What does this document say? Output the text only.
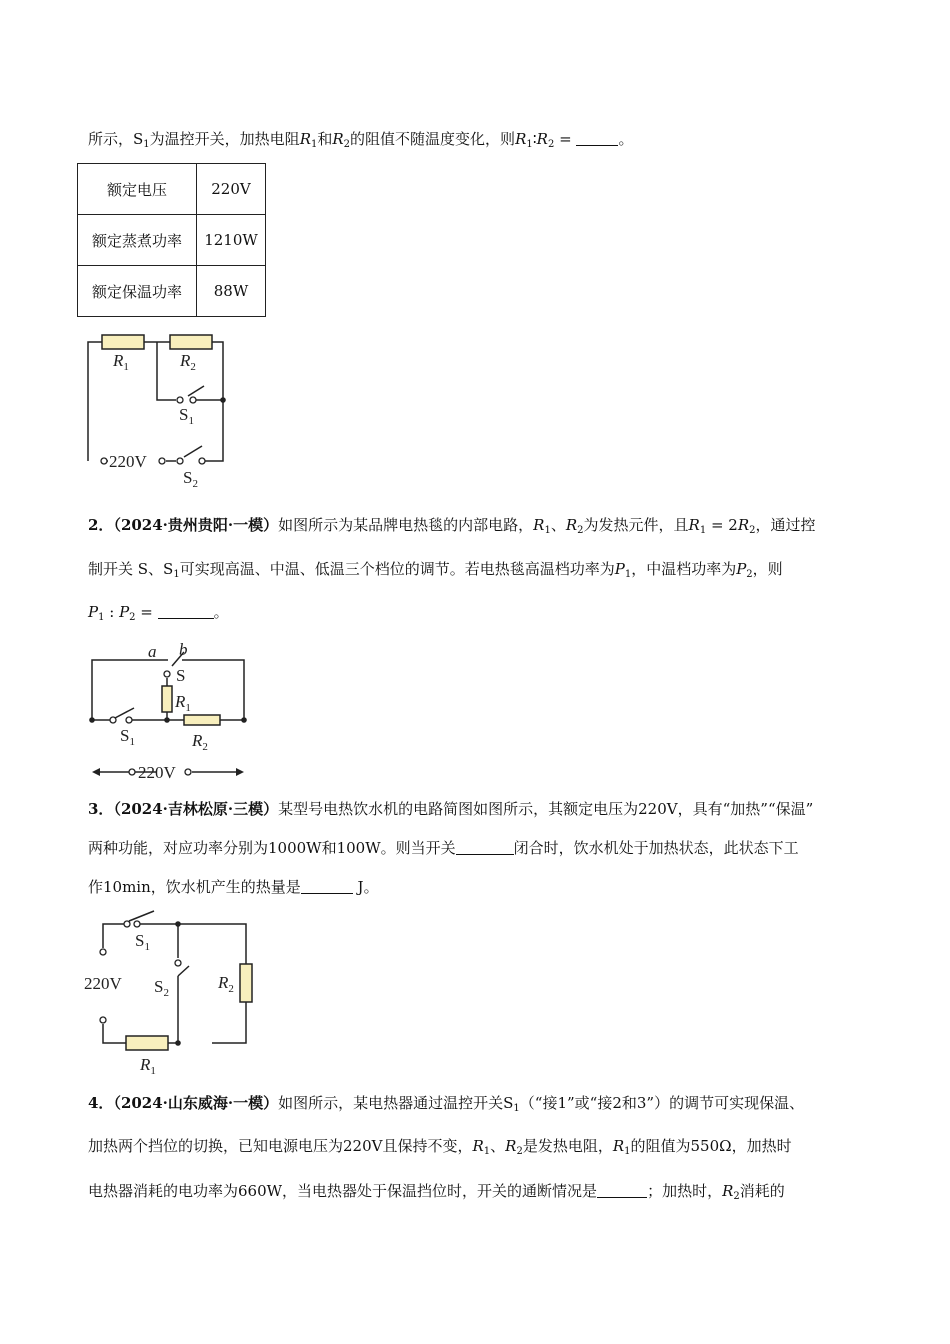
所示，$S_1$为温控开关，加热电阻$R_1$和$R_2$的阻值不随温度变化，则$R_1∶R_2$ =	。
额定电压	220V
额定蒸煮功率	1210W
额定保温功率	88W
$R_1$	$R_2$
$S_1$
220V
$S_2$
2．（2024·贵州贵阳·一模）如图所示为某品牌电热毯的内部电路，$R_1$、$R_2$为发热元件，且$R_1 = 2R_2$，通过控
制开关 S、$S_1$可实现高温、中温、低温三个档位的调节。若电热毯高温档功率为$P_1$，中温档功率为$P_2$，则
$P_1$ : $P_2$ =	。
a b
S
$R_1$
$S_1$	$R_2$
220V
3．（2024·吉林松原·三模）某型号电热饮水机的电路简图如图所示，其额定电压为220V，具有“加热”“保温”
两种功能，对应功率分别为1000W和100W。则当开关	闭合时，饮水机处于加热状态，此状态下工
作10min，饮水机产生的热量是	J。
$S_1$
220V $S_2$
$R_2$
$R_1$
4．（2024·山东威海·一模）如图所示，某电热器通过温控开关$S_1(“$接1”或“接2和3”）的调节可实现保温、
加热两个挡位的切换，已知电源电压为220V且保持不变，$R_1$、$R_2$是发热电阻，$R_1$的阻值为550Ω，加热时
电热器消耗的电功率为660W，当电热器处于保温挡位时，开关的通断情况是	；加热时，$R_2$消耗的
